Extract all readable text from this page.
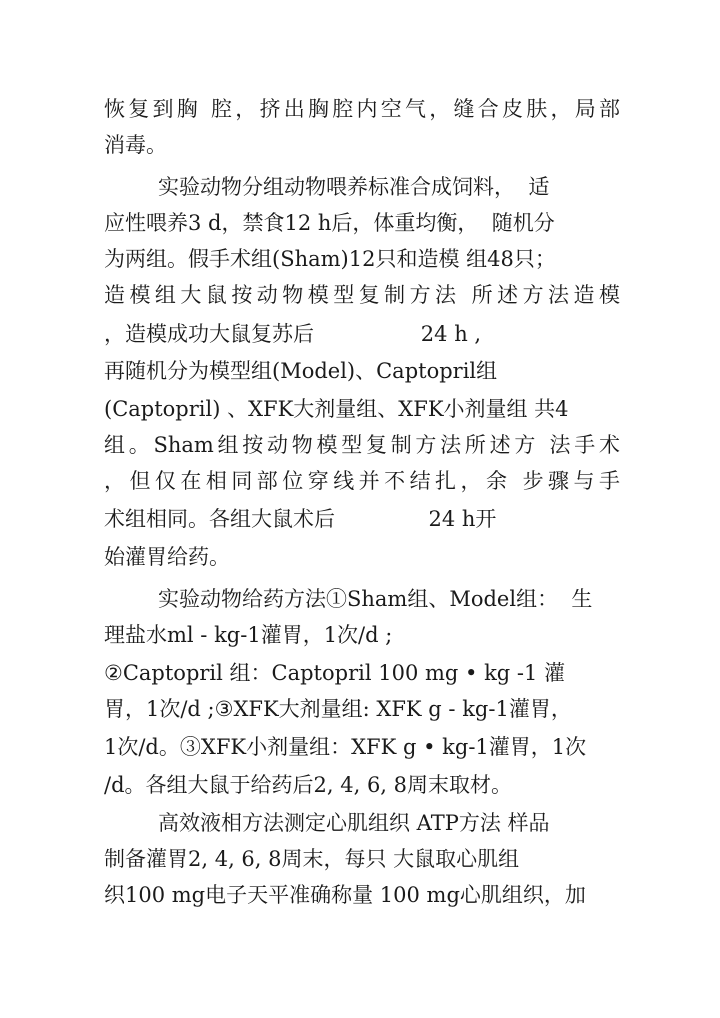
恢复到胸 腔，挤出胸腔内空气，缝合皮肤，局部
消毒。
实验动物分组动物喂养标准合成饲料，  适
应性喂养3 d，禁食12 h后，体重均衡，  随机分
为两组。假手术组(Sham)12只和造模 组48只；
造模组大鼠按动物模型复制方法 所述方法造模
，造模成功大鼠复苏后                24 h ,
再随机分为模型组(Model)、Captopril组
(Captopril) 、XFK大剂量组、XFK小剂量组 共4
组。Sham组按动物模型复制方法所述方 法手术
，但仅在相同部位穿线并不结扎，余 步骤与手
术组相同。各组大鼠术后              24 h开
始灌胃给药。
实验动物给药方法①Sham组、Model组：  生
理盐水ml - kg-1灌胃，1次/d ;
②Captopril 组：Captopril 100 mg • kg -1 灌
胃，1次/d ;③XFK大剂量组: XFK g - kg-1灌胃，
1次/d。③XFK小剂量组：XFK g • kg-1灌胃，1次
/d。各组大鼠于给药后2, 4, 6, 8周末取材。
高效液相方法测定心肌组织 ATP方法 样品
制备灌胃2, 4, 6, 8周末，每只 大鼠取心肌组
织100 mg电子天平准确称量 100 mg心肌组织，加
